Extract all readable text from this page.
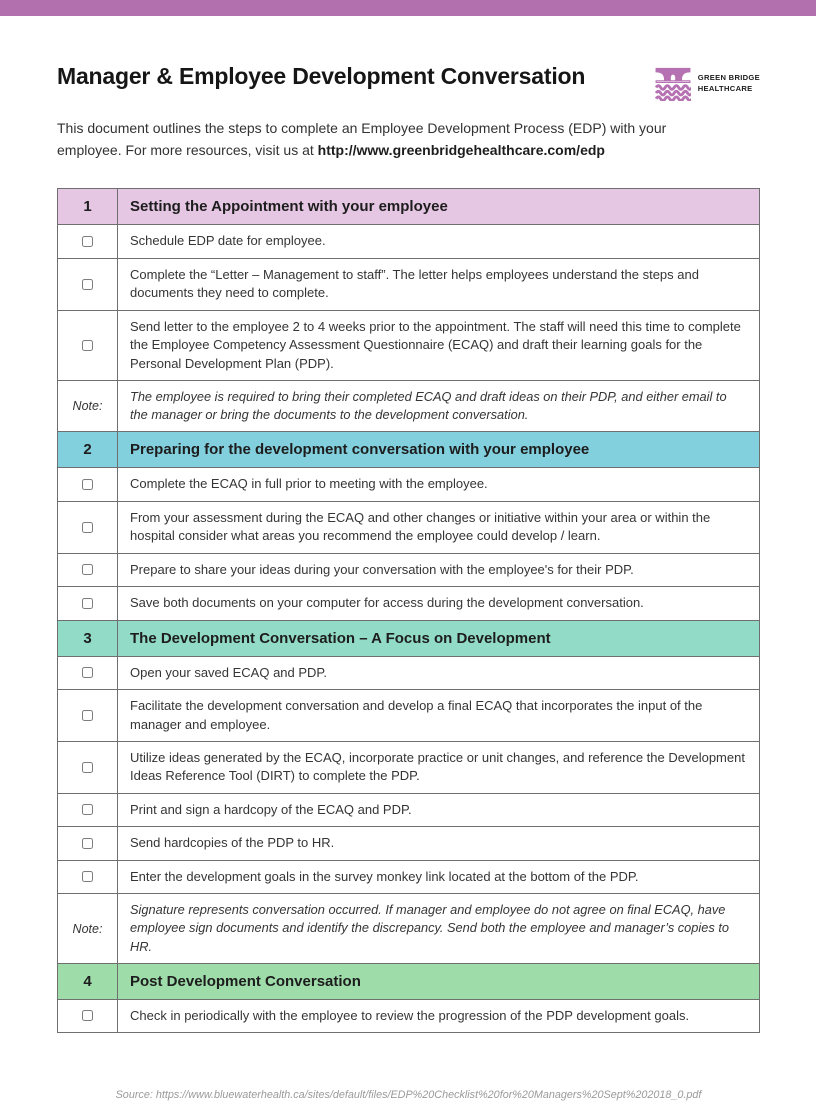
Manager & Employee Development Conversation	GREEN BRIDGE
HEALTHCARE

This document outlines the steps to complete an Employee Development Process (EDP) with your employee. For more resources, visit us at http://www.greenbridgehealthcare.com/edp

1	Setting the Appointment with your employee
	Schedule EDP date for employee.
	Complete the “Letter – Management to staff”. The letter helps employees understand the steps and documents they need to complete.
	Send letter to the employee 2 to 4 weeks prior to the appointment. The staff will need this time to complete the Employee Competency Assessment Questionnaire (ECAQ) and draft their learning goals for the Personal Development Plan (PDP).
Note:	The employee is required to bring their completed ECAQ and draft ideas on their PDP, and either email to the manager or bring the documents to the development conversation.
2	Preparing for the development conversation with your employee
	Complete the ECAQ in full prior to meeting with the employee.
	From your assessment during the ECAQ and other changes or initiative within your area or within the hospital consider what areas you recommend the employee could develop / learn.
	Prepare to share your ideas during your conversation with the employee's for their PDP.
	Save both documents on your computer for access during the development conversation.
3	The Development Conversation – A Focus on Development
	Open your saved ECAQ and PDP.
	Facilitate the development conversation and develop a final ECAQ that incorporates the input of the manager and employee.
	Utilize ideas generated by the ECAQ, incorporate practice or unit changes, and reference the Development Ideas Reference Tool (DIRT) to complete the PDP.
	Print and sign a hardcopy of the ECAQ and PDP.
	Send hardcopies of the PDP to HR.
	Enter the development goals in the survey monkey link located at the bottom of the PDP.
Note:	Signature represents conversation occurred. If manager and employee do not agree on final ECAQ, have employee sign documents and identify the discrepancy. Send both the employee and manager’s copies to HR.
4	Post Development Conversation
	Check in periodically with the employee to review the progression of the PDP development goals.

Source: https://www.bluewaterhealth.ca/sites/default/files/EDP%20Checklist%20for%20Managers%20Sept%202018_0.pdf
